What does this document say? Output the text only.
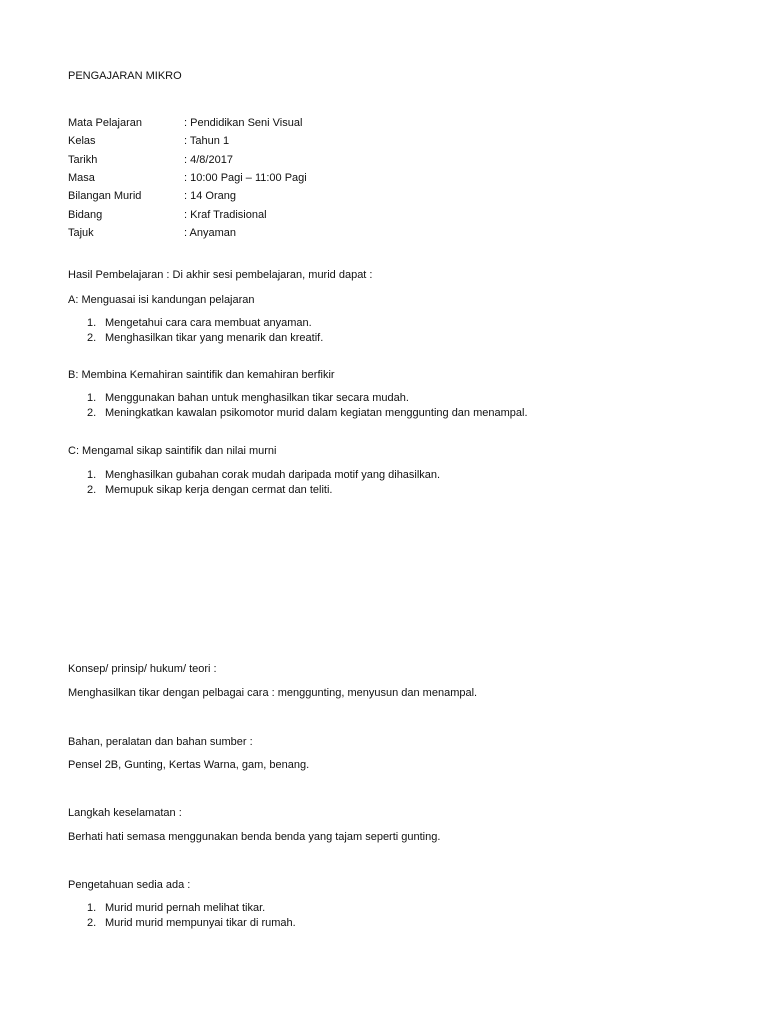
PENGAJARAN MIKRO
Mata Pelajaran	: Pendidikan Seni Visual
Kelas	: Tahun 1
Tarikh	: 4/8/2017
Masa	: 10:00 Pagi – 11:00 Pagi
Bilangan Murid	: 14 Orang
Bidang	: Kraf Tradisional
Tajuk	: Anyaman
Hasil Pembelajaran : Di akhir sesi pembelajaran, murid dapat :
A: Menguasai isi kandungan pelajaran
1. Mengetahui cara cara membuat anyaman.
2. Menghasilkan tikar yang menarik dan kreatif.
B: Membina Kemahiran saintifik dan kemahiran berfikir
1. Menggunakan bahan untuk menghasilkan tikar secara mudah.
2. Meningkatkan kawalan psikomotor murid dalam kegiatan menggunting dan menampal.
C: Mengamal sikap saintifik dan nilai murni
1. Menghasilkan gubahan corak mudah daripada motif yang dihasilkan.
2. Memupuk sikap kerja dengan cermat dan teliti.
Konsep/ prinsip/ hukum/ teori :
Menghasilkan tikar dengan pelbagai cara : menggunting, menyusun dan menampal.
Bahan, peralatan dan bahan sumber :
Pensel 2B, Gunting, Kertas Warna, gam, benang.
Langkah keselamatan :
Berhati hati semasa menggunakan benda benda yang tajam seperti gunting.
Pengetahuan sedia ada :
1. Murid murid pernah melihat tikar.
2. Murid murid mempunyai tikar di rumah.
